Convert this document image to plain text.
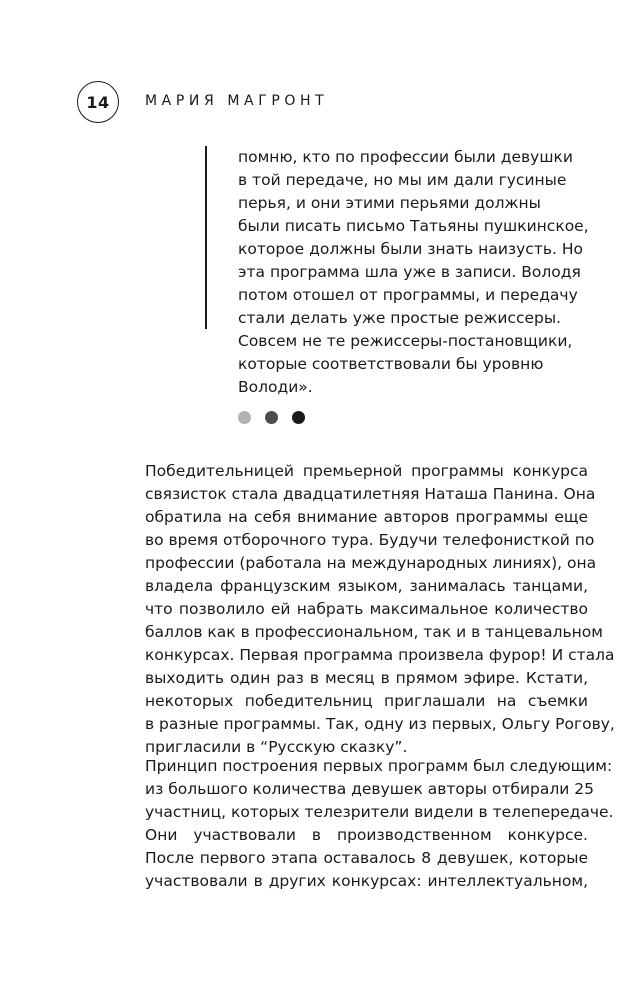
14	МАРИЯ МАГРОНТ
помню, кто по профессии были девушки
в той передаче, но мы им дали гусиные
перья, и они этими перьями должны
были писать письмо Татьяны пушкинское,
которое должны были знать наизусть. Но
эта программа шла уже в записи. Володя
потом отошел от программы, и передачу
стали делать уже простые режиссеры.
Совсем не те режиссеры-постановщики,
которые соответствовали бы уровню
Володи».
Победительницей премьерной программы конкурса
связисток стала двадцатилетняя Наташа Панина. Она
обратила на себя внимание авторов программы еще
во время отборочного тура. Будучи телефонисткой по
профессии (работала на международных линиях), она
владела французским языком, занималась танцами,
что позволило ей набрать максимальное количество
баллов как в профессиональном, так и в танцевальном
конкурсах. Первая программа произвела фурор! И стала
выходить один раз в месяц в прямом эфире. Кстати,
некоторых победительниц приглашали на съемки
в разные программы. Так, одну из первых, Ольгу Рогову,
пригласили в “Русскую сказку”.
Принцип построения первых программ был следующим:
из большого количества девушек авторы отбирали 25
участниц, которых телезрители видели в телепередаче.
Они участвовали в производственном конкурсе.
После первого этапа оставалось 8 девушек, которые
участвовали в других конкурсах: интеллектуальном,
